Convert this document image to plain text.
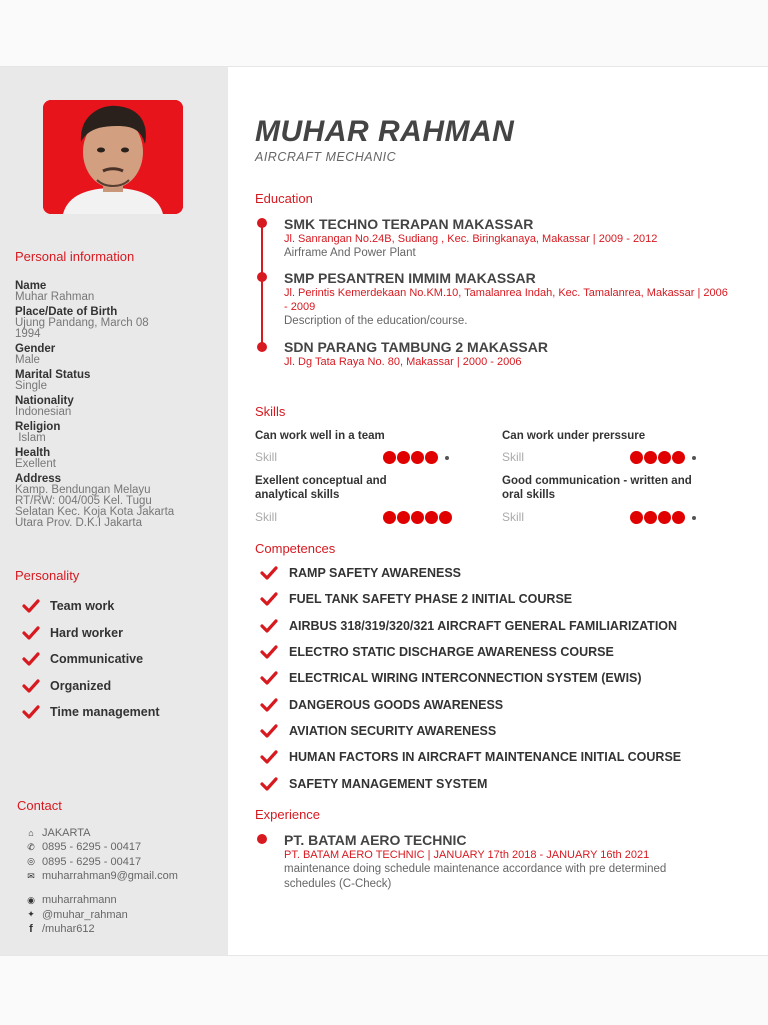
Personal information
Name
Muhar Rahman
Place/Date of Birth
Ujung Pandang, March 08
1994
Gender
Male
Marital Status
Single
Nationality
Indonesian
Religion
Islam
Health
Exellent
Address
Kamp. Bendungan Melayu
RT/RW: 004/005 Kel. Tugu
Selatan Kec. Koja Kota Jakarta
Utara Prov. D.K.I Jakarta
Personality
Team work
Hard worker
Communicative
Organized
Time management
Contact
⌂ JAKARTA
✆ 0895 - 6295 - 00417
◎ 0895 - 6295 - 00417
✉ muharrahman9@gmail.com
◉ muharrahmann
✦ @muhar_rahman
f /muhar612
MUHAR RAHMAN
AIRCRAFT MECHANIC
Education
SMK TECHNO TERAPAN MAKASSAR
Jl. Sanrangan No.24B, Sudiang , Kec. Biringkanaya, Makassar | 2009 - 2012
Airframe And Power Plant
SMP PESANTREN IMMIM MAKASSAR
Jl. Perintis Kemerdekaan No.KM.10, Tamalanrea Indah, Kec. Tamalanrea, Makassar | 2006 - 2009
Description of the education/course.
SDN PARANG TAMBUNG 2 MAKASSAR
Jl. Dg Tata Raya No. 80, Makassar | 2000 - 2006
Skills
Can work well in a team
Skill
Can work under prerssure
Skill
Exellent conceptual and analytical skills
Skill
Good communication - written and oral skills
Skill
Competences
RAMP SAFETY AWARENESS
FUEL TANK SAFETY PHASE 2 INITIAL COURSE
AIRBUS 318/319/320/321 AIRCRAFT GENERAL FAMILIARIZATION
ELECTRO STATIC DISCHARGE AWARENESS COURSE
ELECTRICAL WIRING INTERCONNECTION SYSTEM (EWIS)
DANGEROUS GOODS AWARENESS
AVIATION SECURITY AWARENESS
HUMAN FACTORS IN AIRCRAFT MAINTENANCE INITIAL COURSE
SAFETY MANAGEMENT SYSTEM
Experience
PT. BATAM AERO TECHNIC
PT. BATAM AERO TECHNIC | JANUARY 17th 2018 - JANUARY 16th 2021
maintenance doing schedule maintenance accordance with pre determined schedules (C-Check)
